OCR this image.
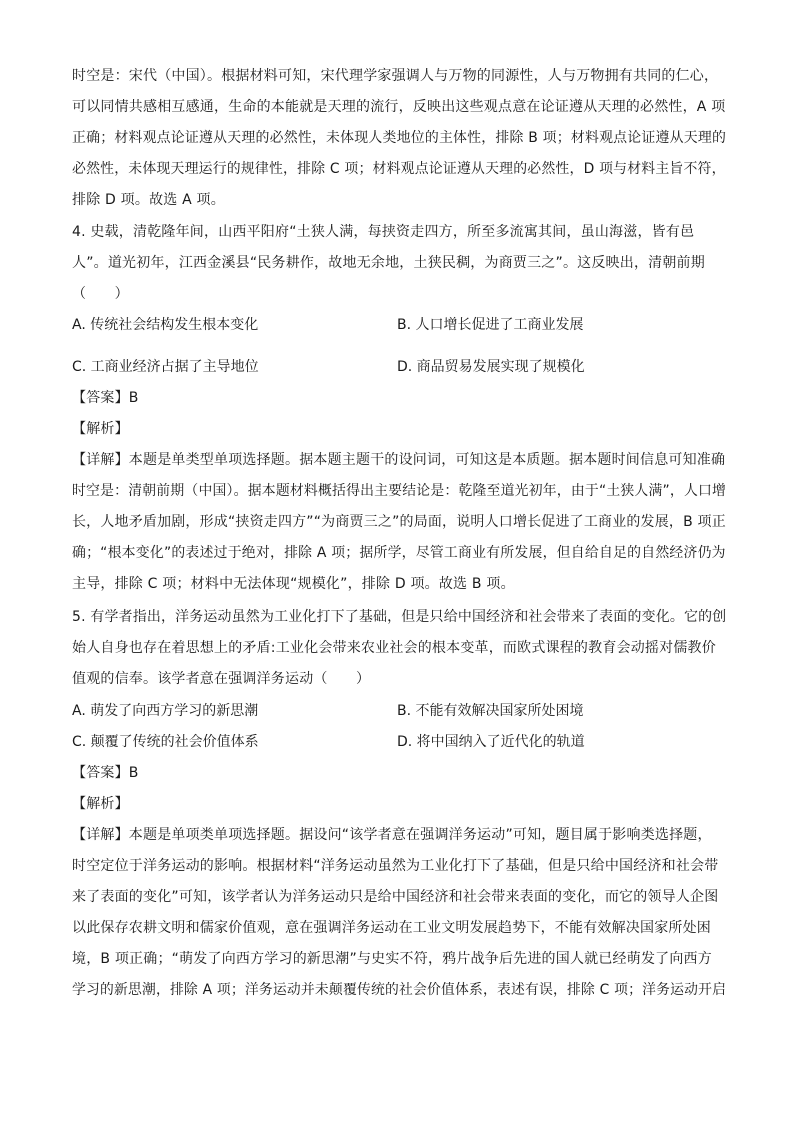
时空是：宋代（中国）。根据材料可知，宋代理学家强调人与万物的同源性，人与万物拥有共同的仁心，
可以同情共感相互感通，生命的本能就是天理的流行，反映出这些观点意在论证遵从天理的必然性，A 项
正确；材料观点论证遵从天理的必然性，未体现人类地位的主体性，排除 B 项；材料观点论证遵从天理的
必然性，未体现天理运行的规律性，排除 C 项；材料观点论证遵从天理的必然性，D 项与材料主旨不符，
排除 D 项。故选 A 项。
4. 史载，清乾隆年间，山西平阳府“土狭人满，每挟资走四方，所至多流寓其间，虽山海滋，皆有邑
人”。道光初年，江西金溪县“民务耕作，故地无余地，土狭民稠，为商贾三之”。这反映出，清朝前期
（　　）
A. 传统社会结构发生根本变化	B. 人口增长促进了工商业发展
C. 工商业经济占据了主导地位	D. 商品贸易发展实现了规模化
【答案】B
【解析】
【详解】本题是单类型单项选择题。据本题主题干的设问词，可知这是本质题。据本题时间信息可知准确
时空是：清朝前期（中国）。据本题材料概括得出主要结论是：乾隆至道光初年，由于“土狭人满”，人口增
长，人地矛盾加剧，形成“挟资走四方”“为商贾三之”的局面，说明人口增长促进了工商业的发展，B 项正
确；“根本变化”的表述过于绝对，排除 A 项；据所学，尽管工商业有所发展，但自给自足的自然经济仍为
主导，排除 C 项；材料中无法体现“规模化”，排除 D 项。故选 B 项。
5. 有学者指出，洋务运动虽然为工业化打下了基础，但是只给中国经济和社会带来了表面的变化。它的创
始人自身也存在着思想上的矛盾:工业化会带来农业社会的根本变革，而欧式课程的教育会动摇对儒教价
值观的信奉。该学者意在强调洋务运动（　　）
A. 萌发了向西方学习的新思潮	B. 不能有效解决国家所处困境
C. 颠覆了传统的社会价值体系	D. 将中国纳入了近代化的轨道
【答案】B
【解析】
【详解】本题是单项类单项选择题。据设问“该学者意在强调洋务运动”可知，题目属于影响类选择题，
时空定位于洋务运动的影响。根据材料“洋务运动虽然为工业化打下了基础，但是只给中国经济和社会带
来了表面的变化”可知，该学者认为洋务运动只是给中国经济和社会带来表面的变化，而它的领导人企图
以此保存农耕文明和儒家价值观，意在强调洋务运动在工业文明发展趋势下，不能有效解决国家所处困
境，B 项正确；“萌发了向西方学习的新思潮”与史实不符，鸦片战争后先进的国人就已经萌发了向西方
学习的新思潮，排除 A 项；洋务运动并未颠覆传统的社会价值体系，表述有误，排除 C 项；洋务运动开启
